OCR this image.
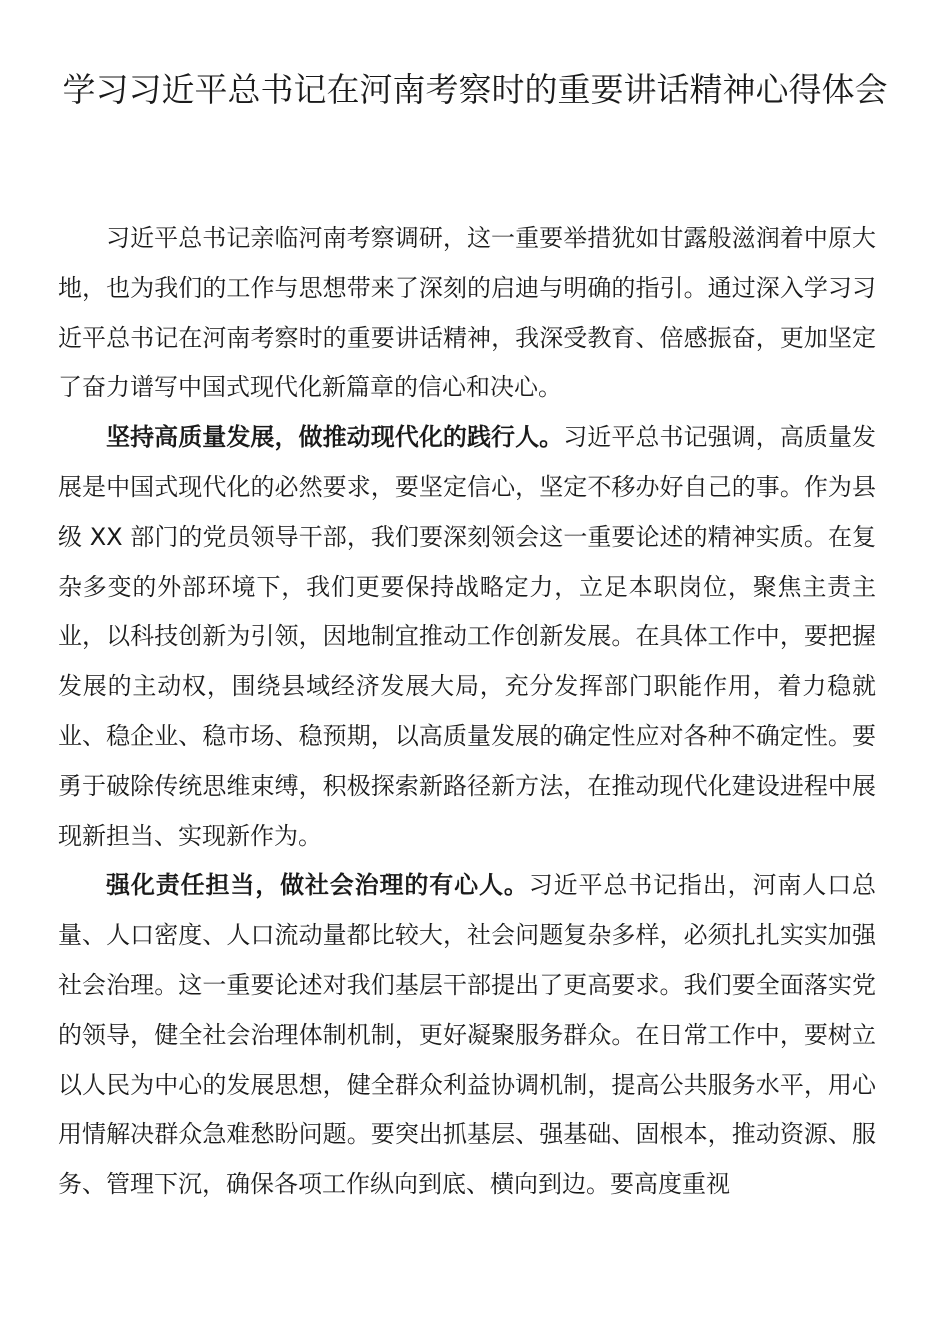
学习习近平总书记在河南考察时的重要讲话精神心得体会

习近平总书记亲临河南考察调研，这一重要举措犹如甘露般滋润着中原大地，也为我们的工作与思想带来了深刻的启迪与明确的指引。通过深入学习习近平总书记在河南考察时的重要讲话精神，我深受教育、倍感振奋，更加坚定了奋力谱写中国式现代化新篇章的信心和决心。

坚持高质量发展，做推动现代化的践行人。习近平总书记强调，高质量发展是中国式现代化的必然要求，要坚定信心，坚定不移办好自己的事。作为县级 XX 部门的党员领导干部，我们要深刻领会这一重要论述的精神实质。在复杂多变的外部环境下，我们更要保持战略定力，立足本职岗位，聚焦主责主业，以科技创新为引领，因地制宜推动工作创新发展。在具体工作中，要把握发展的主动权，围绕县域经济发展大局，充分发挥部门职能作用，着力稳就业、稳企业、稳市场、稳预期，以高质量发展的确定性应对各种不确定性。要勇于破除传统思维束缚，积极探索新路径新方法，在推动现代化建设进程中展现新担当、实现新作为。

强化责任担当，做社会治理的有心人。习近平总书记指出，河南人口总量、人口密度、人口流动量都比较大，社会问题复杂多样，必须扎扎实实加强社会治理。这一重要论述对我们基层干部提出了更高要求。我们要全面落实党的领导，健全社会治理体制机制，更好凝聚服务群众。在日常工作中，要树立以人民为中心的发展思想，健全群众利益协调机制，提高公共服务水平，用心用情解决群众急难愁盼问题。要突出抓基层、强基础、固根本，推动资源、服务、管理下沉，确保各项工作纵向到底、横向到边。要高度重视
